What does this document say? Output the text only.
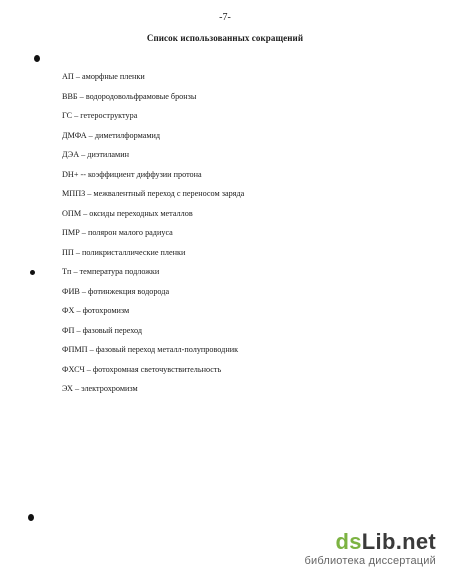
-7-
Список использованных сокращений
АП – аморфные пленки
ВВБ – водородовольфрамовые бронзы
ГС – гетероструктура
ДМФА – диметилформамид
ДЭА – диэтиламин
DH+ -- коэффициент диффузии протона
МППЗ – межвалентный переход с переносом заряда
ОПМ – оксиды переходных металлов
ПМР – полярон малого радиуса
ПП – поликристаллические пленки
Tп – температура подложки
ФИВ – фотинжекция водорода
ФХ – фотохромизм
ФП – фазовый переход
ФПМП – фазовый переход металл-полупроводник
ФХСЧ – фотохромная светочувствительность
ЭХ – электрохромизм
dsLib.net
библиотека диссертаций
